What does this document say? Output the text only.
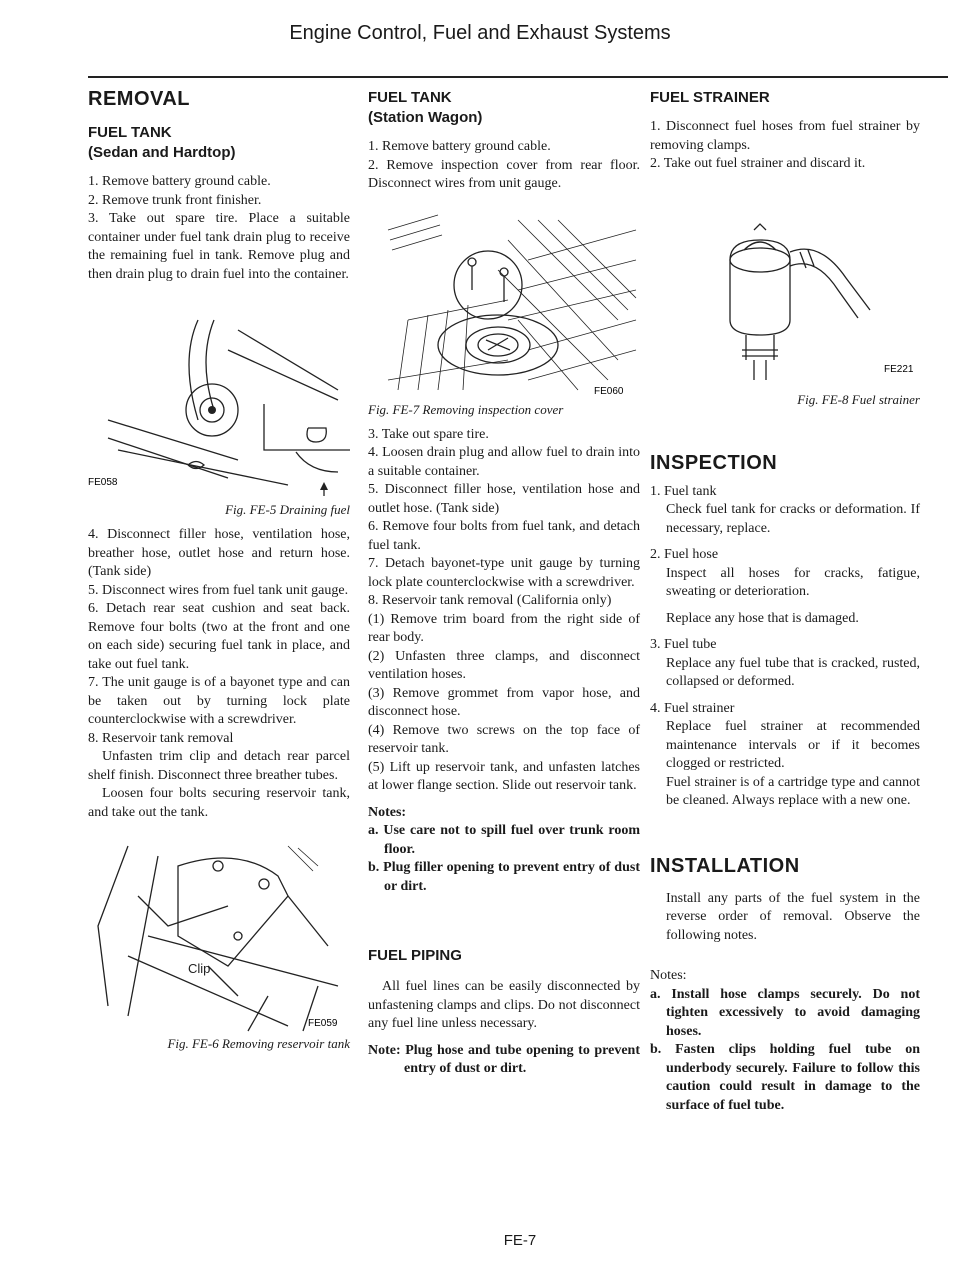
Engine Control, Fuel and Exhaust Systems
REMOVAL
FUEL TANK
(Sedan and Hardtop)

1. Remove battery ground cable.

2. Remove trunk front finisher.

3. Take out spare tire. Place a suitable container under fuel tank drain plug to receive the remaining fuel in tank. Remove plug and then drain plug to drain fuel into the container.

FE058
Fig. FE-5 Draining fuel

4. Disconnect filler hose, ventilation hose, breather hose, outlet hose and return hose. (Tank side)

5. Disconnect wires from fuel tank unit gauge.

6. Detach rear seat cushion and seat back. Remove four bolts (two at the front and one on each side) securing fuel tank in place, and take out fuel tank.

7. The unit gauge is of a bayonet type and can be taken out by turning lock plate counterclockwise with a screwdriver.

8. Reservoir tank removal

Unfasten trim clip and detach rear parcel shelf finish. Disconnect three breather tubes.

Loosen four bolts securing reservoir tank, and take out the tank.

Clip
FE059
Fig. FE-6 Removing reservoir tank
FUEL TANK
(Station Wagon)

1. Remove battery ground cable.

2. Remove inspection cover from rear floor. Disconnect wires from unit gauge.

FE060
Fig. FE-7 Removing inspection cover

3. Take out spare tire.

4. Loosen drain plug and allow fuel to drain into a suitable container.

5. Disconnect filler hose, ventilation hose and outlet hose. (Tank side)

6. Remove four bolts from fuel tank, and detach fuel tank.

7. Detach bayonet-type unit gauge by turning lock plate counterclockwise with a screwdriver.

8. Reservoir tank removal (California only)

(1) Remove trim board from the right side of rear body.

(2) Unfasten three clamps, and disconnect ventilation hoses.

(3) Remove grommet from vapor hose, and disconnect hose.

(4) Remove two screws on the top face of reservoir tank.

(5) Lift up reservoir tank, and unfasten latches at lower flange section. Slide out reservoir tank.

Notes:

a. Use care not to spill fuel over trunk room floor.

b. Plug filler opening to prevent entry of dust or dirt.

FUEL PIPING

All fuel lines can be easily disconnected by unfastening clamps and clips. Do not disconnect any fuel line unless necessary.

Note: Plug hose and tube opening to prevent entry of dust or dirt.

FUEL STRAINER

1. Disconnect fuel hoses from fuel strainer by removing clamps.

2. Take out fuel strainer and discard it.

FE221
Fig. FE-8 Fuel strainer
INSPECTION

1. Fuel tank

Check fuel tank for cracks or deformation. If necessary, replace.

2. Fuel hose

Inspect all hoses for cracks, fatigue, sweating or deterioration.

Replace any hose that is damaged.

3. Fuel tube

Replace any fuel tube that is cracked, rusted, collapsed or deformed.

4. Fuel strainer

Replace fuel strainer at recommended maintenance intervals or if it becomes clogged or restricted.

Fuel strainer is of a cartridge type and cannot be cleaned. Always replace with a new one.

INSTALLATION

Install any parts of the fuel system in the reverse order of removal. Observe the following notes.

Notes:

a. Install hose clamps securely. Do not tighten excessively to avoid damaging hoses.

b. Fasten clips holding fuel tube on underbody securely. Failure to follow this caution could result in damage to the surface of fuel tube.

FE-7
